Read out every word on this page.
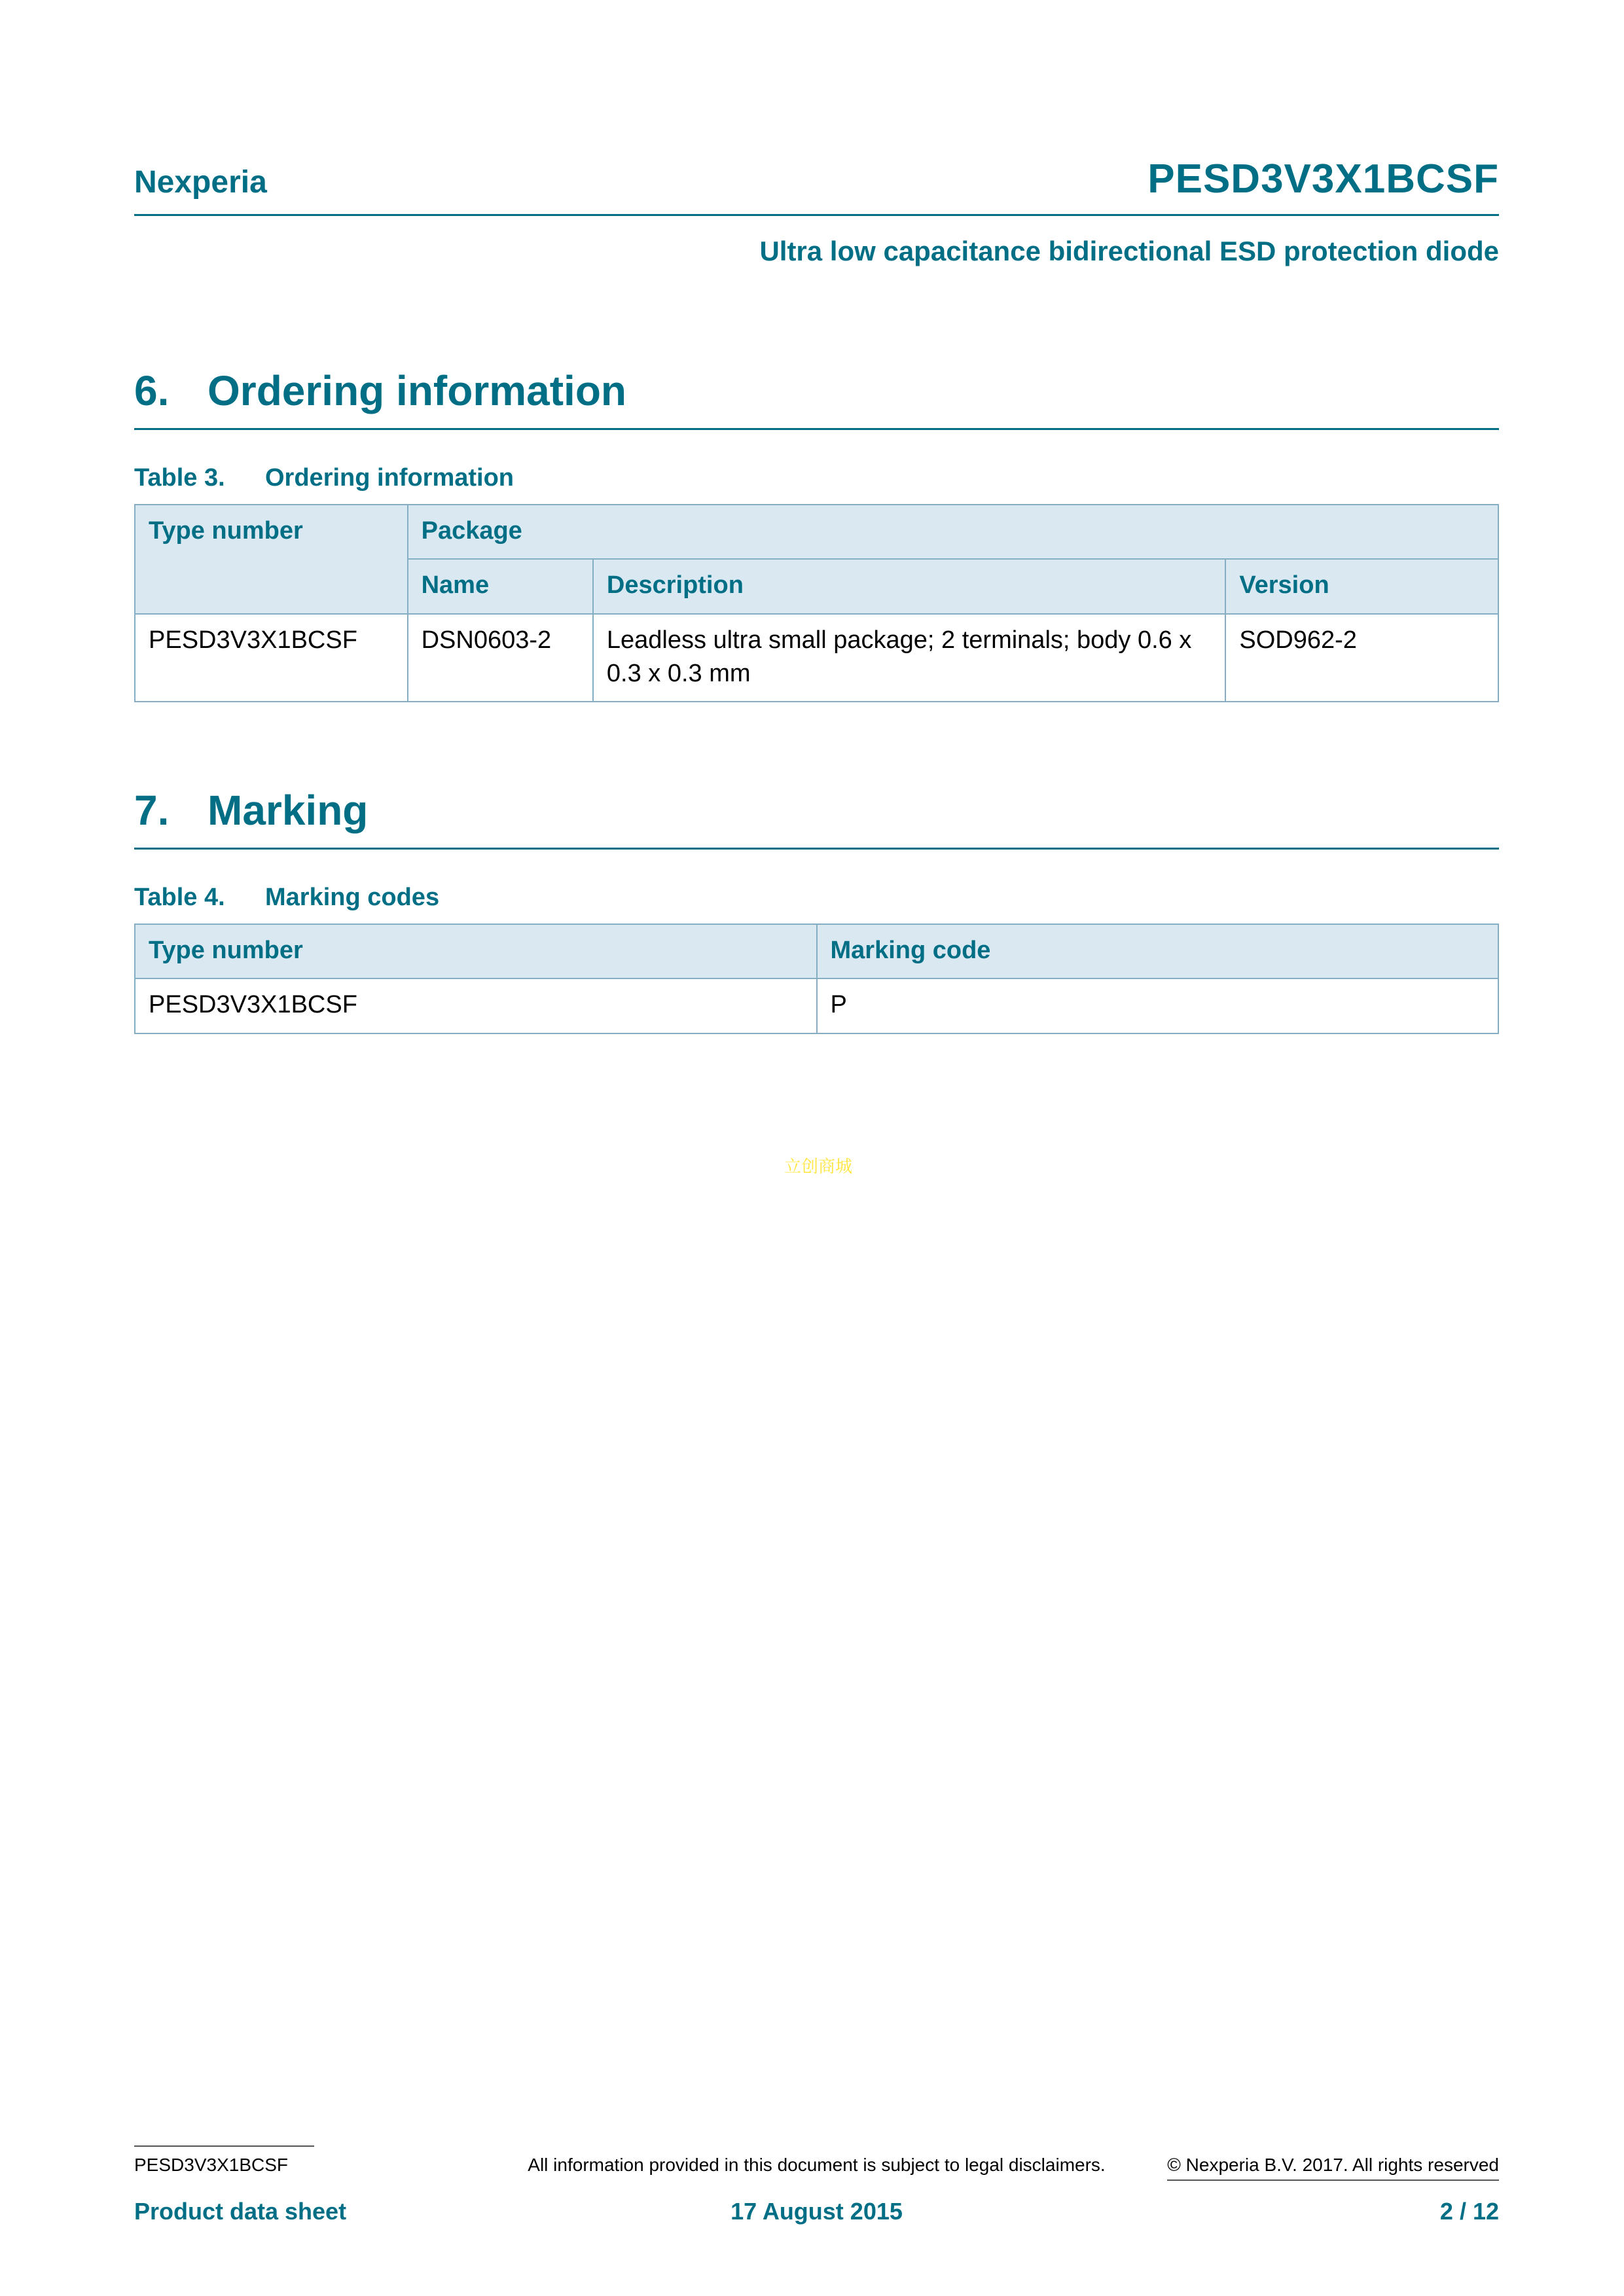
Nexperia	PESD3V3X1BCSF
Ultra low capacitance bidirectional ESD protection diode
6. Ordering information
Table 3.	Ordering information
Type number	Package		
	Name	Description	Version
PESD3V3X1BCSF	DSN0603-2	Leadless ultra small package; 2 terminals; body 0.6 x 0.3 x 0.3 mm	SOD962-2
7. Marking
Table 4.	Marking codes
Type number	Marking code
PESD3V3X1BCSF	P
立创商城
PESD3V3X1BCSF	All information provided in this document is subject to legal disclaimers.	© Nexperia B.V. 2017. All rights reserved
Product data sheet	17 August 2015	2 / 12
